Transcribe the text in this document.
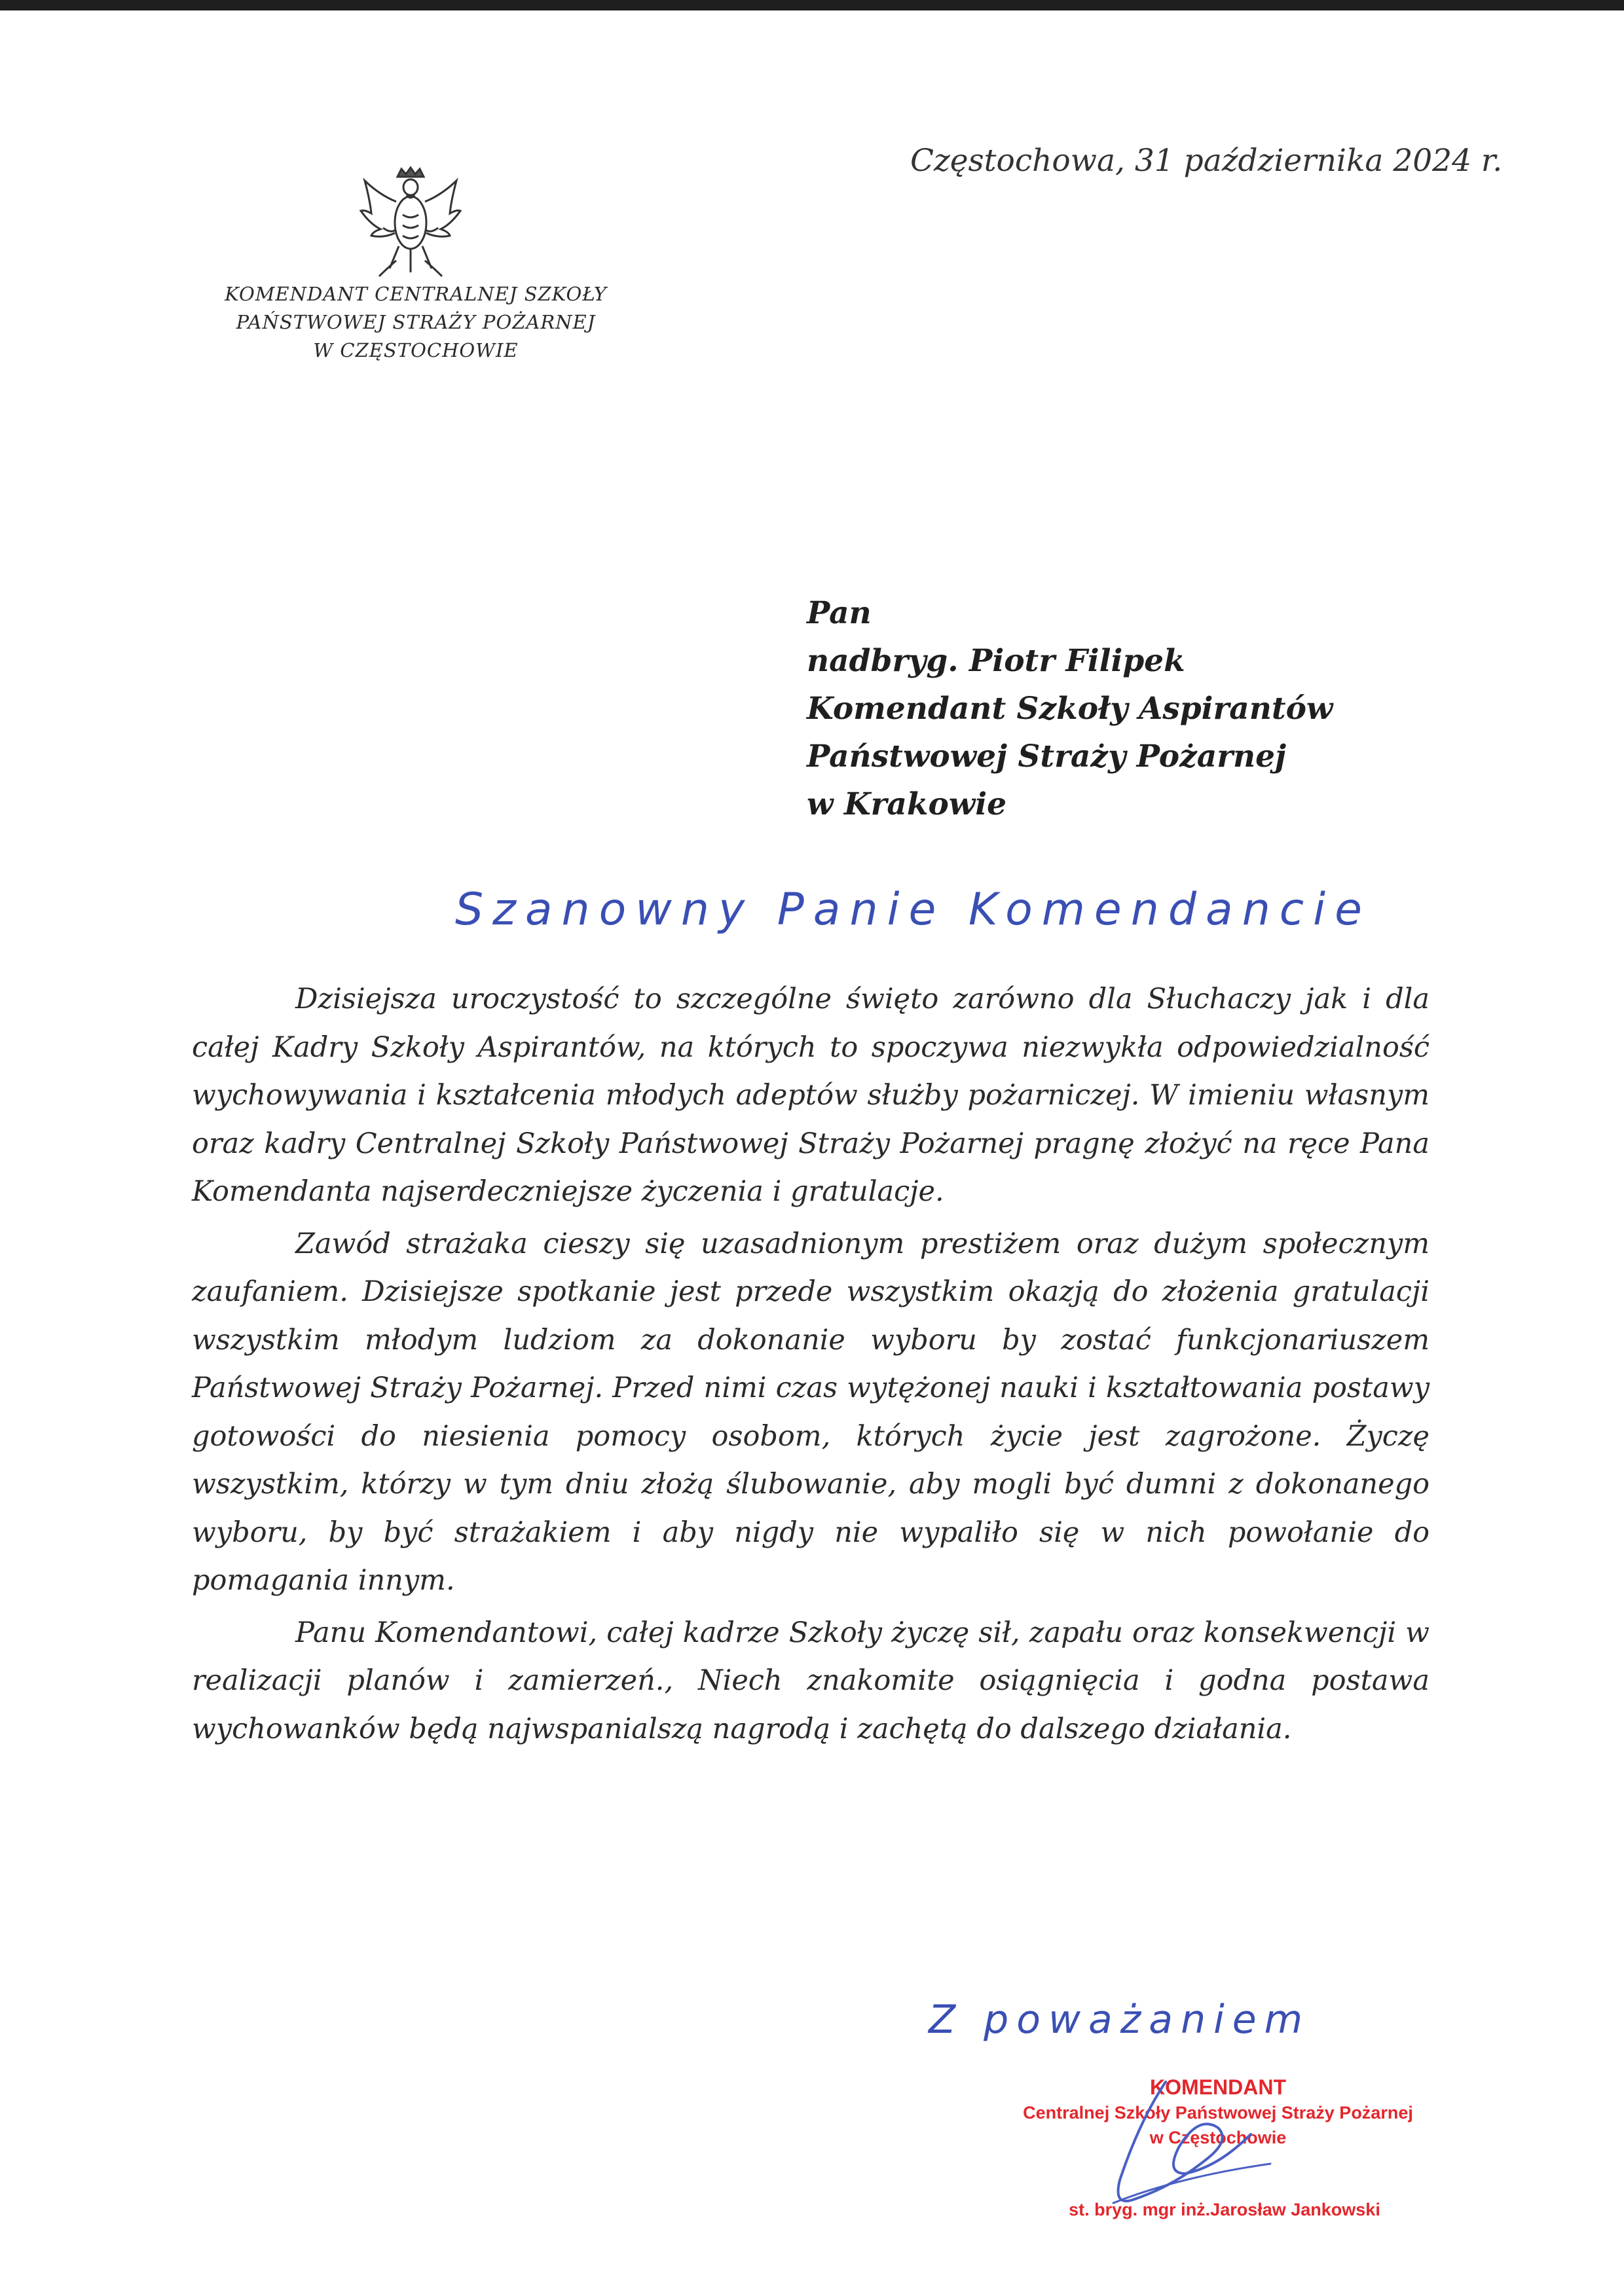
Częstochowa, 31 października 2024 r.
KOMENDANT CENTRALNEJ SZKOŁY
PAŃSTWOWEJ STRAŻY POŻARNEJ
W CZĘSTOCHOWIE
Pan
nadbryg. Piotr Filipek
Komendant Szkoły Aspirantów
Państwowej Straży Pożarnej
w Krakowie
Szanowny Panie Komendancie

Dzisiejsza uroczystość to szczególne święto zarówno dla Słuchaczy jak i dla całej Kadry Szkoły Aspirantów, na których to spoczywa niezwykła odpowiedzialność wychowywania i kształcenia młodych adeptów służby pożarniczej. W imieniu własnym oraz kadry Centralnej Szkoły Państwowej Straży Pożarnej pragnę złożyć na ręce Pana Komendanta najserdeczniejsze życzenia i gratulacje.

Zawód strażaka cieszy się uzasadnionym prestiżem oraz dużym społecznym zaufaniem. Dzisiejsze spotkanie jest przede wszystkim okazją do złożenia gratulacji wszystkim młodym ludziom za dokonanie wyboru by zostać funkcjonariuszem Państwowej Straży Pożarnej. Przed nimi czas wytężonej nauki i kształtowania postawy gotowości do niesienia pomocy osobom, których życie jest zagrożone. Życzę wszystkim, którzy w tym dniu złożą ślubowanie, aby mogli być dumni z dokonanego wyboru, by być strażakiem i aby nigdy nie wypaliło się w nich powołanie do pomagania innym.

Panu Komendantowi, całej kadrze Szkoły życzę sił, zapału oraz konsekwencji w realizacji planów i zamierzeń., Niech znakomite osiągnięcia i godna postawa wychowanków będą najwspanialszą nagrodą i zachętą do dalszego działania.

Z poważaniem
KOMENDANT
Centralnej Szkoły Państwowej Straży Pożarnej
w Częstochowie
st. bryg. mgr inż.Jarosław Jankowski
